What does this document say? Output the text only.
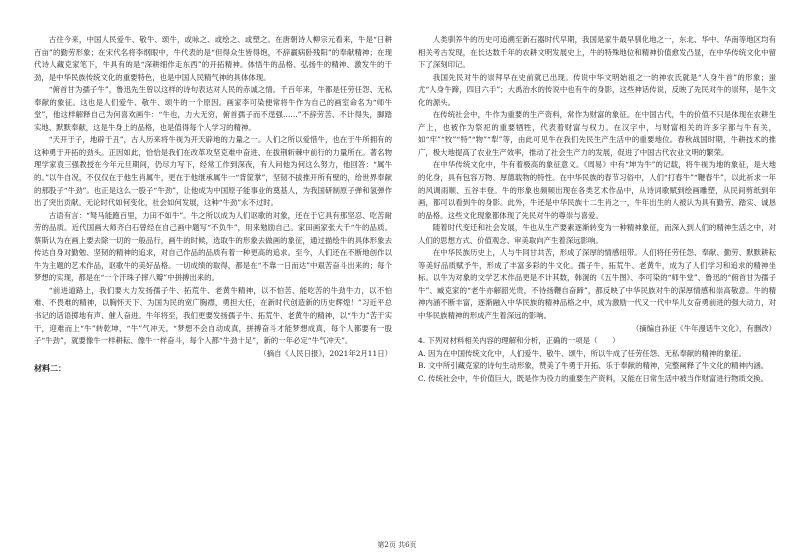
古往今来，中国人民爱牛、敬牛、颂牛，或咏之、或绘之、或塑之。在唐朝诗人柳宗元看来，牛是“日耕百亩”的勤劳形象；在宋代名将李纲眼中，牛代表的是“但得众生皆得饱，不辞羸病卧残阳”的奉献精神；在现代诗人藏克家笔下，牛具有的是“深耕细作走东西”的开拓精神。体悟牛的品格、弘扬牛的精神、激发牛的干劲，是中华民族传统文化的重要特色，也是中国人民精气神的具体体现。

“俯首甘为孺子牛”，鲁迅先生曾以这样的诗句表达对人民的赤诚之情。千百年来，牛都是任劳任怨、无私奉献的象征。这也是人们爱牛、敬牛、颂牛的一个原因。画家李可染便常将牛作为自己的画室命名为“师牛堂”，他这样解释自己为何喜欢画牛：“牛也，力大无穷，俯首孺子而不逞强……”不辞劳苦、不计得失，脚踏实地、默默奉献，这是牛身上的品格，也是值得每个人学习的精神。

“天开于子，地辟于丑”，古人历来将牛视为开天辟地的力量之一。人们之所以爱惜牛，也在于牛所拥有的这种勇于开拓的劲头。正因如此，恰恰是我们在改革攻坚克难中奋进、在拔荆斩棘中前行的力量所在。著名物理学家袁三强教授在今年元旦期间，仍尽力写下，经常工作到深夜，有人问他为何这么努力，他回答：“属牛的。”以牛自况，不仅仅在于他生肖属牛，更在于他继承属牛一“背筐掌”，坚韧不拔推开所有壁的，给世界奉献的那股子“牛劲”。也正是这么一股子“牛劲”，让他成为中国原子能事业的奠基人，为我国研制原子弹和氢弹作出了突出贡献。无论时代如何变化，社会如何发展，这种“牛劲”永不过时。

古语有言：“驽马能跑百里，力田不如牛”。牛之所以成为人们讴歌的对象，还在于它具有那坚忍、吃苦耐劳的品质。近代国画大师齐白石曾经在自己画中题写“不负牛”，用来勉励自己。家田画家张大千“牛的品质。蔡斯认为在画上要去除一切的一般品行，画牛的时候，选取牛的形象去做画的象征，通过描绘牛的具体形象去传达自身对勤勉、坚韧的精神的追求，对自己作品的品质有着一种更高的追求。至今，人们还在不断地创作以牛为主题的艺术作品，讴歌牛的美好品格。一切成绩的取得，都是在“不靠一日而达”中艰苦奋斗出来的；每个梦想的实现，都是在“一个汗珠子摔八瓣”中拼搏出来的。

“前进道路上，我们要大力发扬孺子牛、拓荒牛、老黄牛精神，以不怕苦、能吃苦的牛劲牛力，以不怕难、不畏难的精神，以胸怀天下、为国为民的宽广胸襟，勇担大任，在新时代创造新的历史辉煌！”习近平总书记的话语掷地有声、催人奋进。牛年将至，我们更要发扬孺子牛、拓荒牛、老黄牛的精神，以“牛力”苦干实干，迎难而上“牛”转乾坤，“牛”气冲天。“梦想不会自动成真，拼搏奋斗才能梦想成真，每个人都要有一股子“牛劲”，就要像牛一样耕耘、像牛一样奋斗，每个人都“牛劲十足”，新的一年必定“牛气冲天”。

（摘自《人民日报》，2021年2月11日）

材料二：

人类驯养牛的历史可追溯至新石器时代早期，我国是家牛最早驯化地之一，东北、华中、华南等地区均有相关考古发现，在长达数千年的农耕文明发展史上，牛的特殊地位和精神价值愈发凸显，在中华传统文化中留下了深刻印记。

我国先民对牛的崇拜早在史前就已出现。传说中华文明始祖之一的神农氏就是“人身牛首”的形象；蚩尤“人身牛蹄，四目六手”；大禹治水的传说中也有牛的身影，这些神话传说，反映了先民对牛的崇拜，是牛文化的源头。

在传统社会中，牛作为重要的生产资料，常作为财富的象征。在中国古代，牛的价值不只是体现在农耕生产上，也被作为祭祀的重要牺牲，代表着财富与权力。在汉字中，与财富相关的许多字都与牛有关，如“牢”“牧”“特”“物”“犁”等，由此可见牛在我们先民生产生活中的重要地位。春秋战国时期，牛耕技术的推广，极大地提高了农业生产效率，推动了社会生产力的发展，促进了中国古代农业文明的繁荣。

在中华传统文化中，牛有着极高的象征意义。《周易》中有“坤为牛”的记载，将牛视为地的象征，是大地的化身，具有包容万物、厚德载物的特性。在中华民族的春节习俗中，人们“打春牛”“鞭春牛”，以此祈求一年的风调雨顺、五谷丰登。牛的形象也频频出现在各类艺术作品中，从诗词歌赋到绘画雕塑，从民间剪纸到年画，都可以看到牛的身影。此外，牛还是中华民族十二生肖之一，牛年出生的人被认为具有勤劳、踏实、诚恳的品格。这些文化现象都体现了先民对牛的尊崇与喜爱。

随着时代变迁和社会发展，牛也从生产要素逐渐转变为一种精神象征，而深入到人们的精神生活之中，对人们的思想方式、价值观念、审美取向产生着深远影响。

在中华民族历史上，人与牛同甘共苦，形成了深厚的情感纽带。人们将任劳任怨、奉献、勤劳、默默耕耘等美好品质赋予牛，形成了丰富多彩的牛文化。孺子牛、拓荒牛、老黄牛，成为了人们学习和追求的精神坐标。以牛为对象的文学艺术作品更是不计其数，韩滉的《五牛图》、李可染的“师牛堂”、鲁迅的“俯首甘为孺子牛”、臧克家的“老牛亦解韶光贵，不待扬鞭自奋蹄”，都反映了中华民族对牛的深厚情感和崇高敬意。牛的精神内涵不断丰富，逐渐融入中华民族的精神品格之中，成为激励一代又一代中华儿女奋勇前进的强大动力，对中华民族精神的形成产生着深远的影响。

（摘编自孙征《牛年漫话牛文化》，有删改）

4. 下列对材料相关内容的理解和分析，正确的一项是（　　）

A. 因为在中国传统文化中，人们爱牛、敬牛、颂牛，所以牛成了任劳任怨、无私奉献的精神的象征。

B. 文中所引藏克家的诗句生动形象，赞美了牛勇于开拓、乐于奉献的精神，完整阐释了牛文化的精神内涵。

C. 传统社会中，牛价值巨大，既是作为役力的重要生产资料，又能在日常生活中被当作财富进行物质交换。

第2页 共6页
